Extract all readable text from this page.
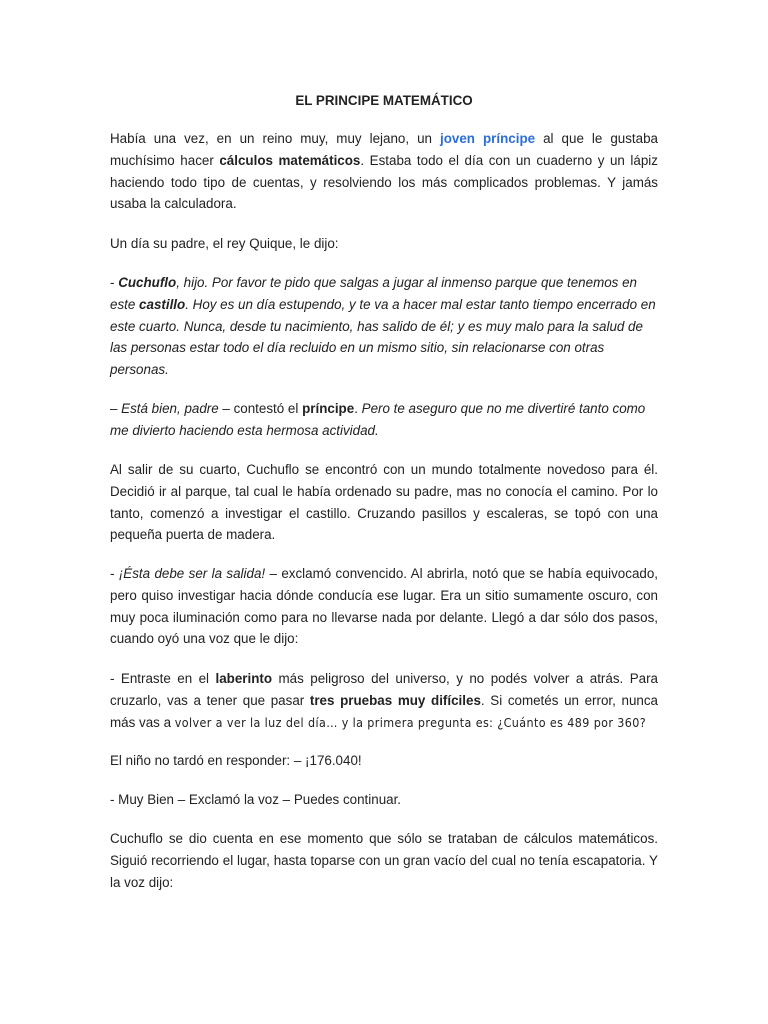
EL PRINCIPE MATEMÁTICO

Había una vez, en un reino muy, muy lejano, un joven príncipe al que le gustaba muchísimo hacer cálculos matemáticos. Estaba todo el día con un cuaderno y un lápiz haciendo todo tipo de cuentas, y resolviendo los más complicados problemas. Y jamás usaba la calculadora.

Un día su padre, el rey Quique, le dijo:

- Cuchuflo, hijo. Por favor te pido que salgas a jugar al inmenso parque que tenemos en este castillo. Hoy es un día estupendo, y te va a hacer mal estar tanto tiempo encerrado en este cuarto. Nunca, desde tu nacimiento, has salido de él; y es muy malo para la salud de las personas estar todo el día recluido en un mismo sitio, sin relacionarse con otras personas.

– Está bien, padre – contestó el príncipe. Pero te aseguro que no me divertiré tanto como me divierto haciendo esta hermosa actividad.

Al salir de su cuarto, Cuchuflo se encontró con un mundo totalmente novedoso para él. Decidió ir al parque, tal cual le había ordenado su padre, mas no conocía el camino. Por lo tanto, comenzó a investigar el castillo. Cruzando pasillos y escaleras, se topó con una pequeña puerta de madera.

- ¡Ésta debe ser la salida! – exclamó convencido. Al abrirla, notó que se había equivocado, pero quiso investigar hacia dónde conducía ese lugar. Era un sitio sumamente oscuro, con muy poca iluminación como para no llevarse nada por delante. Llegó a dar sólo dos pasos, cuando oyó una voz que le dijo:

- Entraste en el laberinto más peligroso del universo, y no podés volver a atrás. Para cruzarlo, vas a tener que pasar tres pruebas muy difíciles. Si cometés un error, nunca más vas a volver a ver la luz del día… y la primera pregunta es: ¿Cuánto es 489 por 360?

El niño no tardó en responder: – ¡176.040!

- Muy Bien – Exclamó la voz – Puedes continuar.

Cuchuflo se dio cuenta en ese momento que sólo se trataban de cálculos matemáticos. Siguió recorriendo el lugar, hasta toparse con un gran vacío del cual no tenía escapatoria. Y la voz dijo:
